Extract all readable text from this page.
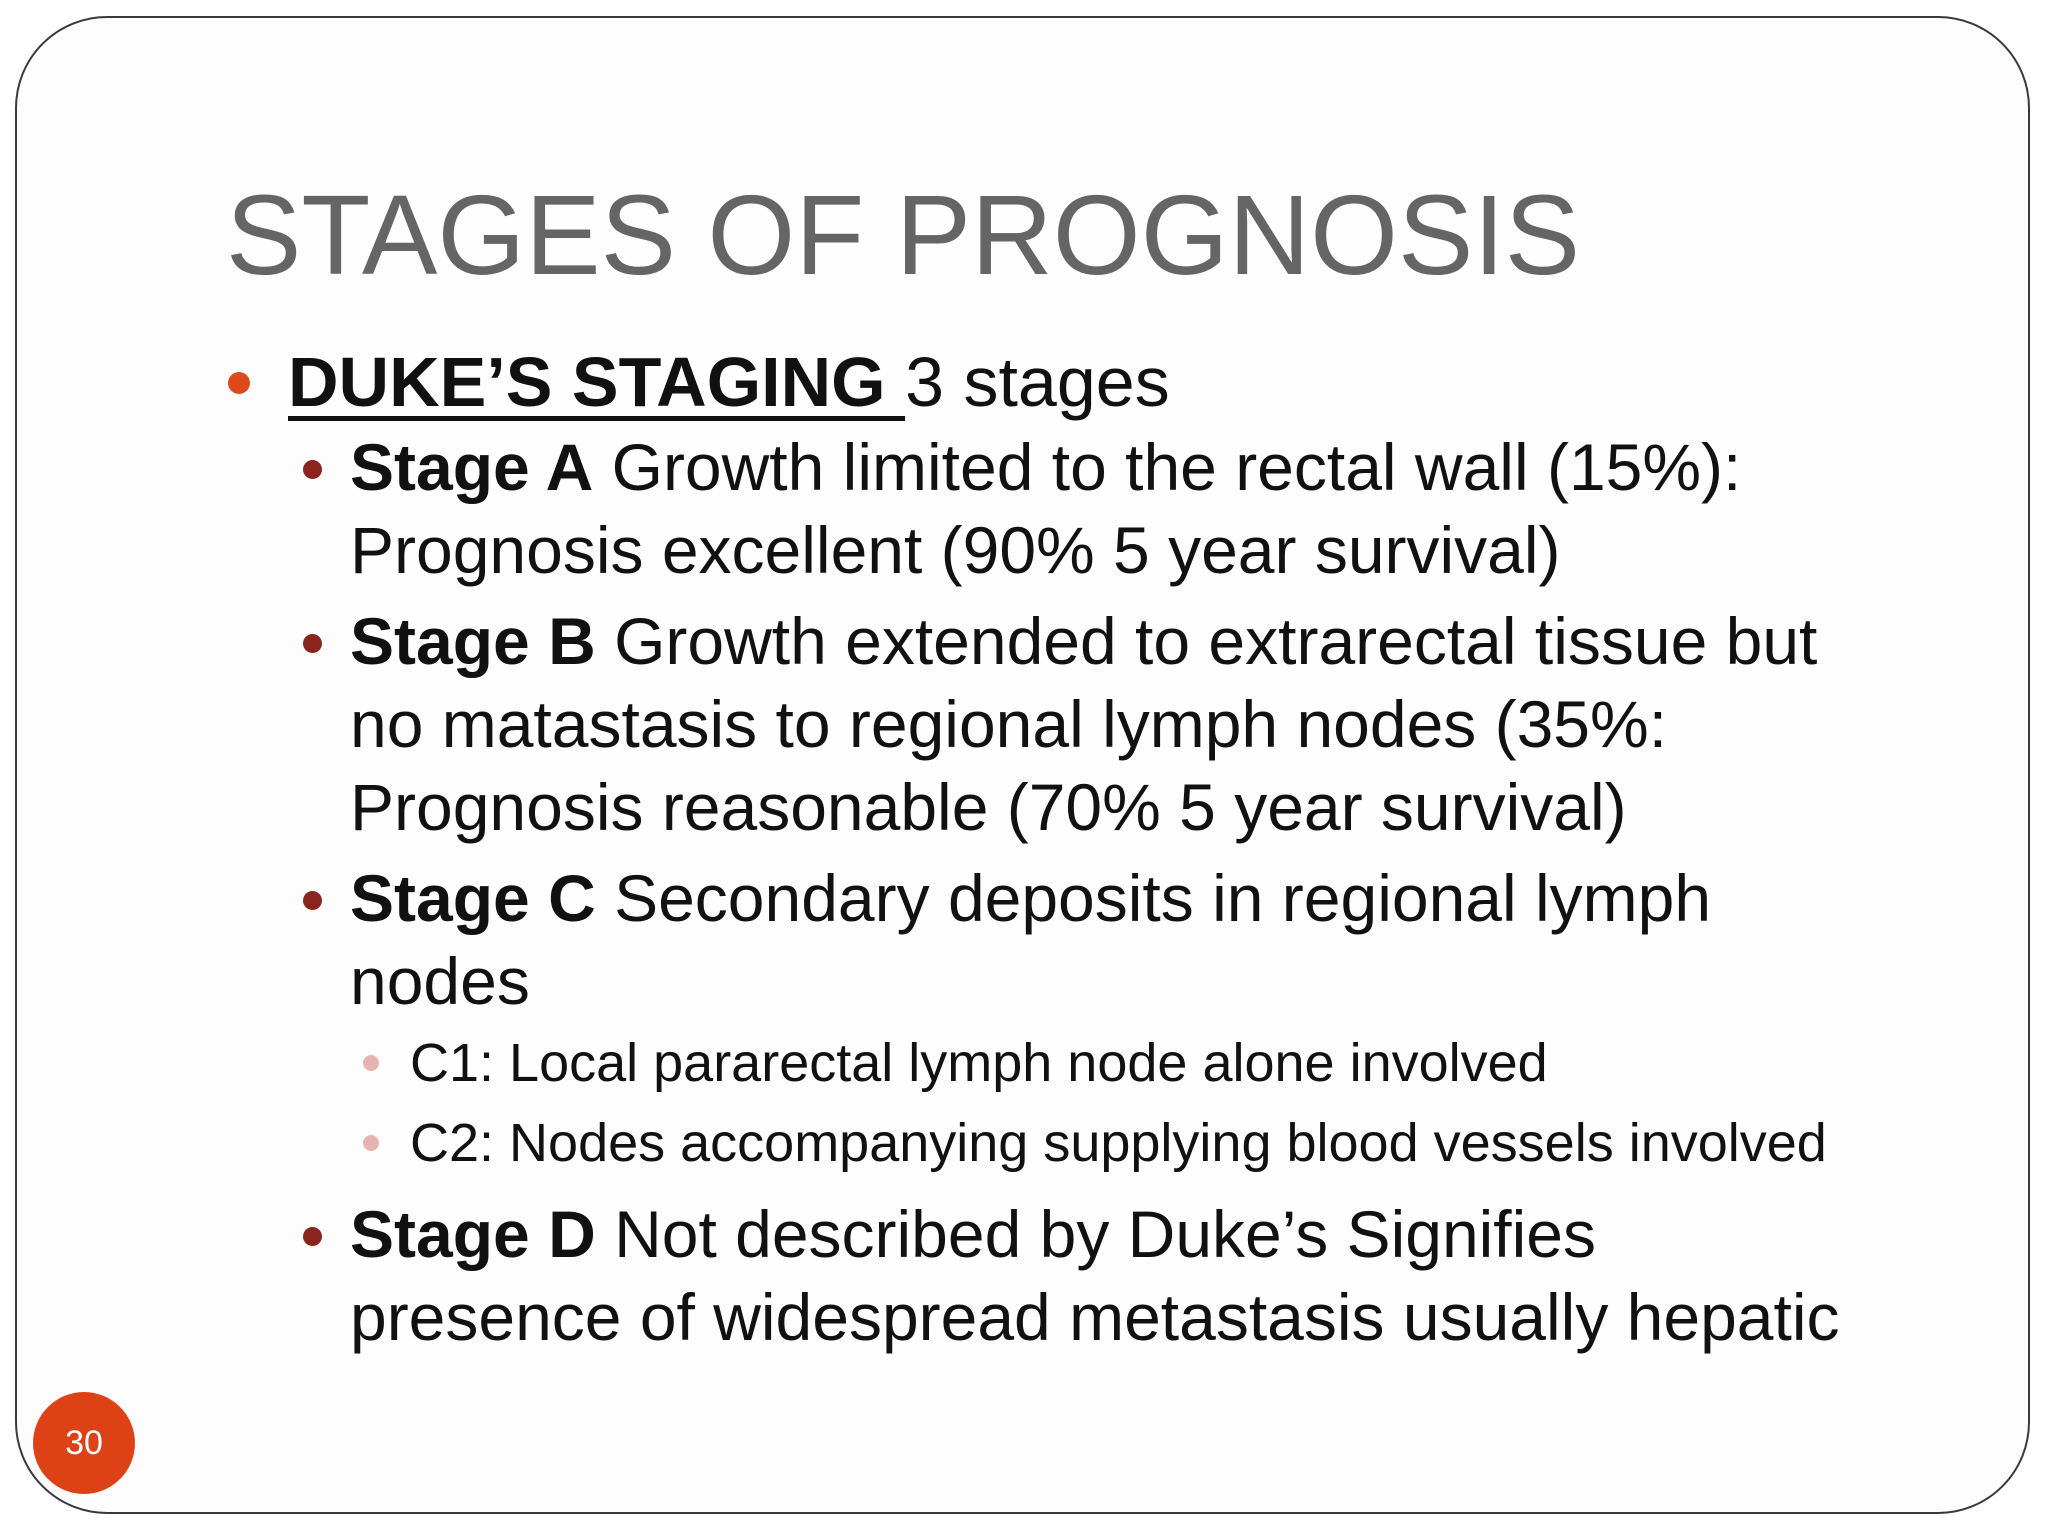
STAGES OF PROGNOSIS
DUKE’S STAGING 3 stages
Stage A Growth limited to the rectal wall (15%):
Prognosis excellent (90% 5 year survival)
Stage B Growth extended to extrarectal tissue but
no matastasis to regional lymph nodes (35%:
Prognosis reasonable (70% 5 year survival)
Stage C Secondary deposits in regional lymph
nodes
C1: Local pararectal lymph node alone involved
C2: Nodes accompanying supplying blood vessels involved
Stage D Not described by Duke’s Signifies
presence of widespread metastasis usually hepatic
30
